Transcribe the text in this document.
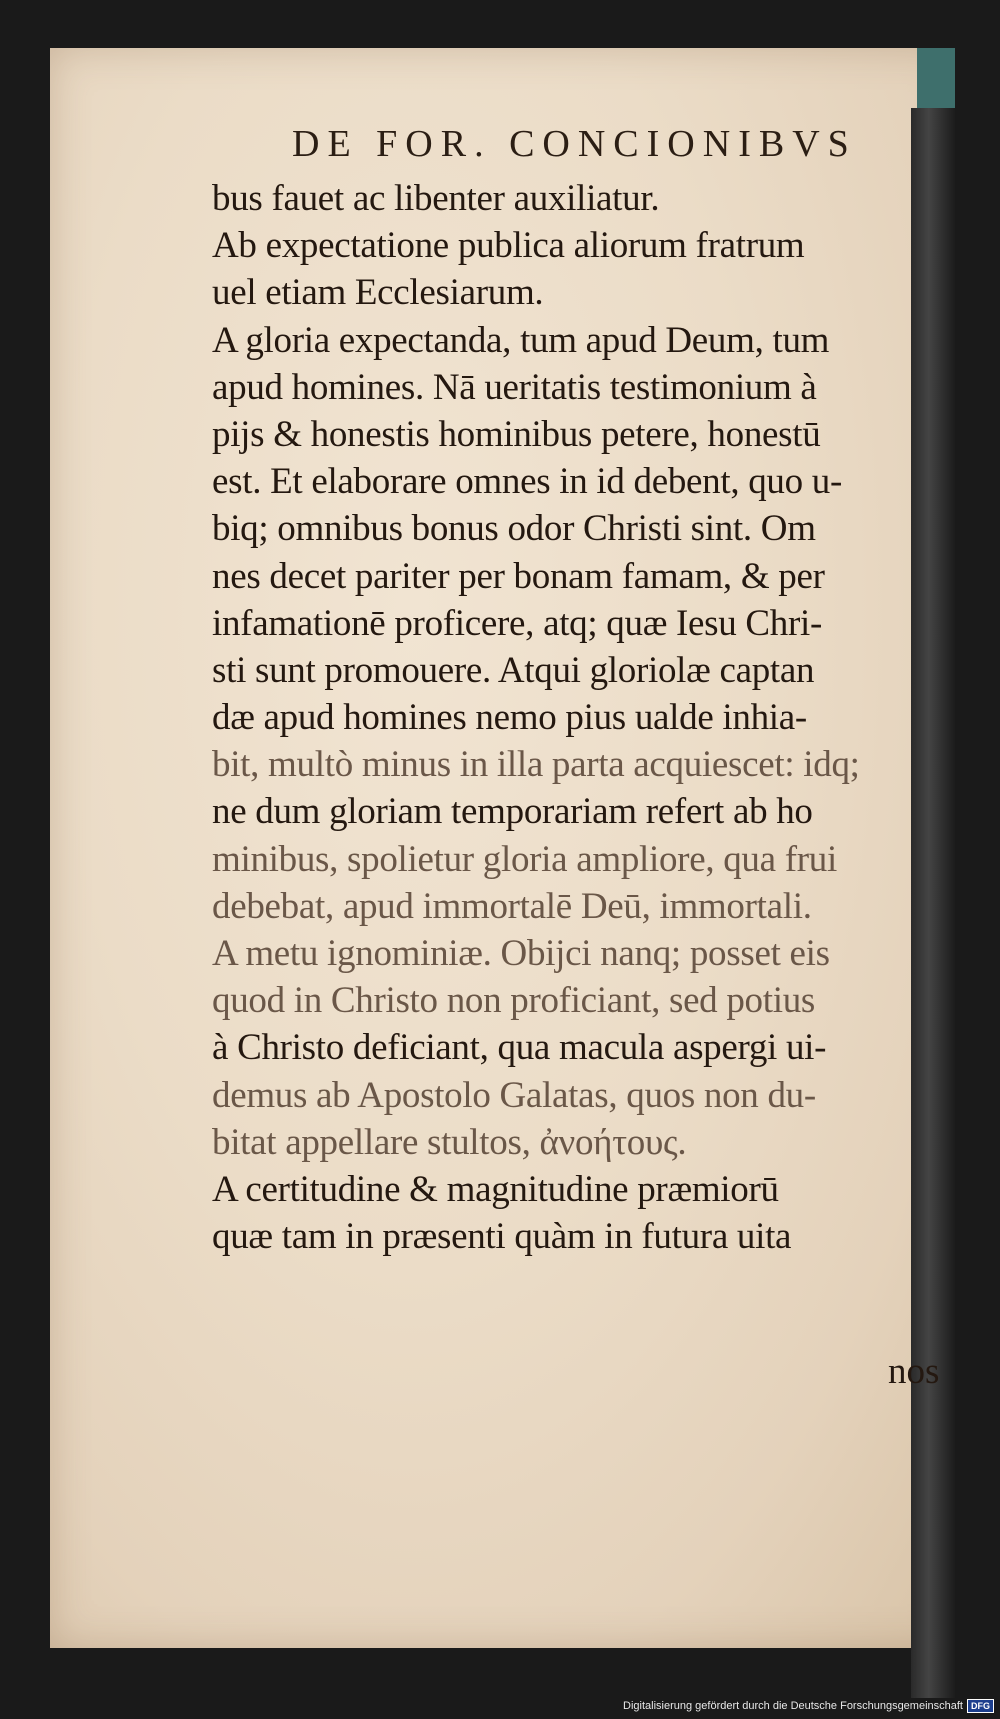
DE FOR. CONCIONIBVS
bus fauet ac libenter auxiliatur.
Ab expectatione publica aliorum fratrum
uel etiam Ecclesiarum.
A gloria expectanda, tum apud Deum, tum
apud homines. Nā ueritatis testimonium à
pijs & honestis hominibus petere, honestū
est. Et elaborare omnes in id debent, quo u-
biq; omnibus bonus odor Christi sint. Om
nes decet pariter per bonam famam, & per
infamationē proficere, atq; quæ Iesu Chri-
sti sunt promouere. Atqui gloriolæ captan
dæ apud homines nemo pius ualde inhia-
bit, multò minus in illa parta acquiescet: idq;
ne dum gloriam temporariam refert ab ho
minibus, spolietur gloria ampliore, qua frui
debebat, apud immortalē Deū, immortali.
A metu ignominiæ. Obijci nanq; posset eis
quod in Christo non proficiant, sed potius
à Christo deficiant, qua macula aspergi ui-
demus ab Apostolo Galatas, quos non du-
bitat appellare stultos, ἀνοήτους.
A certitudine & magnitudine præmiorū
quæ tam in præsenti quàm in futura uita
nos
Digitalisierung gefördert durch die Deutsche Forschungsgemeinschaft DFG
